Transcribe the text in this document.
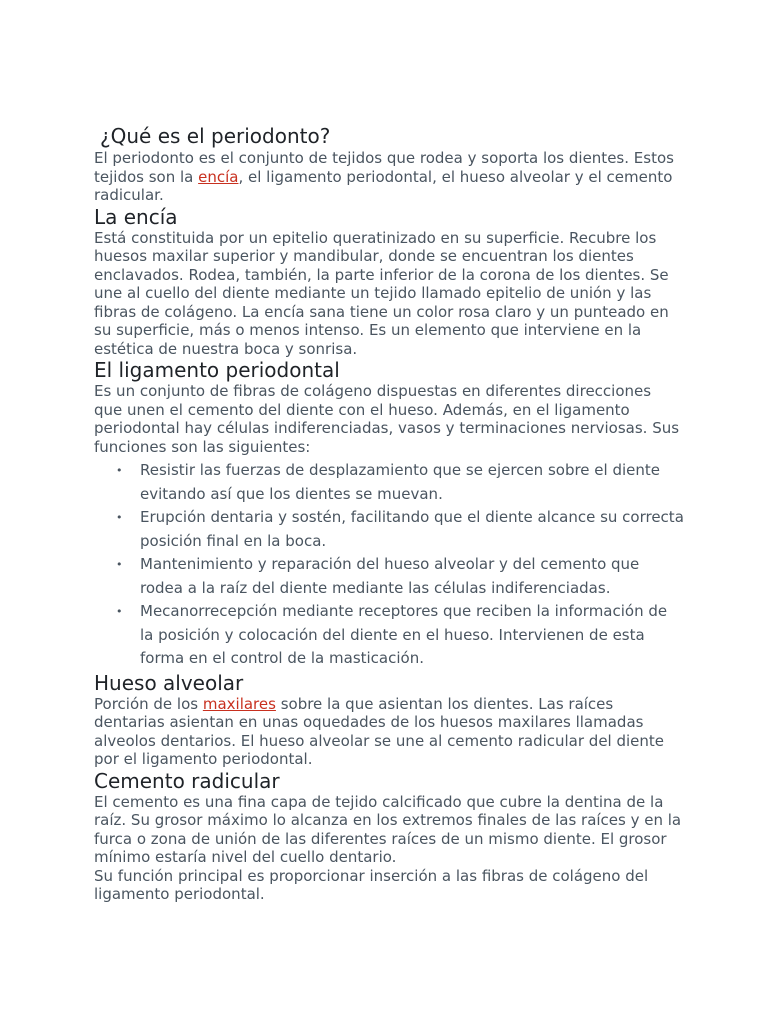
¿Qué es el periodonto?

El periodonto es el conjunto de tejidos que rodea y soporta los dientes. Estos tejidos son la encía, el ligamento periodontal, el hueso alveolar y el cemento radicular.

La encía

Está constituida por un epitelio queratinizado en su superficie. Recubre los huesos maxilar superior y mandibular, donde se encuentran los dientes enclavados. Rodea, también, la parte inferior de la corona de los dientes. Se une al cuello del diente mediante un tejido llamado epitelio de unión y las fibras de colágeno. La encía sana tiene un color rosa claro y un punteado en su superficie, más o menos intenso. Es un elemento que interviene en la estética de nuestra boca y sonrisa.

El ligamento periodontal

Es un conjunto de fibras de colágeno dispuestas en diferentes direcciones que unen el cemento del diente con el hueso. Además, en el ligamento periodontal hay células indiferenciadas, vasos y terminaciones nerviosas. Sus funciones son las siguientes:

• Resistir las fuerzas de desplazamiento que se ejercen sobre el diente evitando así que los dientes se muevan.
• Erupción dentaria y sostén, facilitando que el diente alcance su correcta posición final en la boca.
• Mantenimiento y reparación del hueso alveolar y del cemento que rodea a la raíz del diente mediante las células indiferenciadas.
• Mecanorrecepción mediante receptores que reciben la información de la posición y colocación del diente en el hueso. Intervienen de esta forma en el control de la masticación.
Hueso alveolar

Porción de los maxilares sobre la que asientan los dientes. Las raíces dentarias asientan en unas oquedades de los huesos maxilares llamadas alveolos dentarios. El hueso alveolar se une al cemento radicular del diente por el ligamento periodontal.

Cemento radicular

El cemento es una fina capa de tejido calcificado que cubre la dentina de la raíz. Su grosor máximo lo alcanza en los extremos finales de las raíces y en la furca o zona de unión de las diferentes raíces de un mismo diente. El grosor mínimo estaría nivel del cuello dentario.

Su función principal es proporcionar inserción a las fibras de colágeno del ligamento periodontal.
